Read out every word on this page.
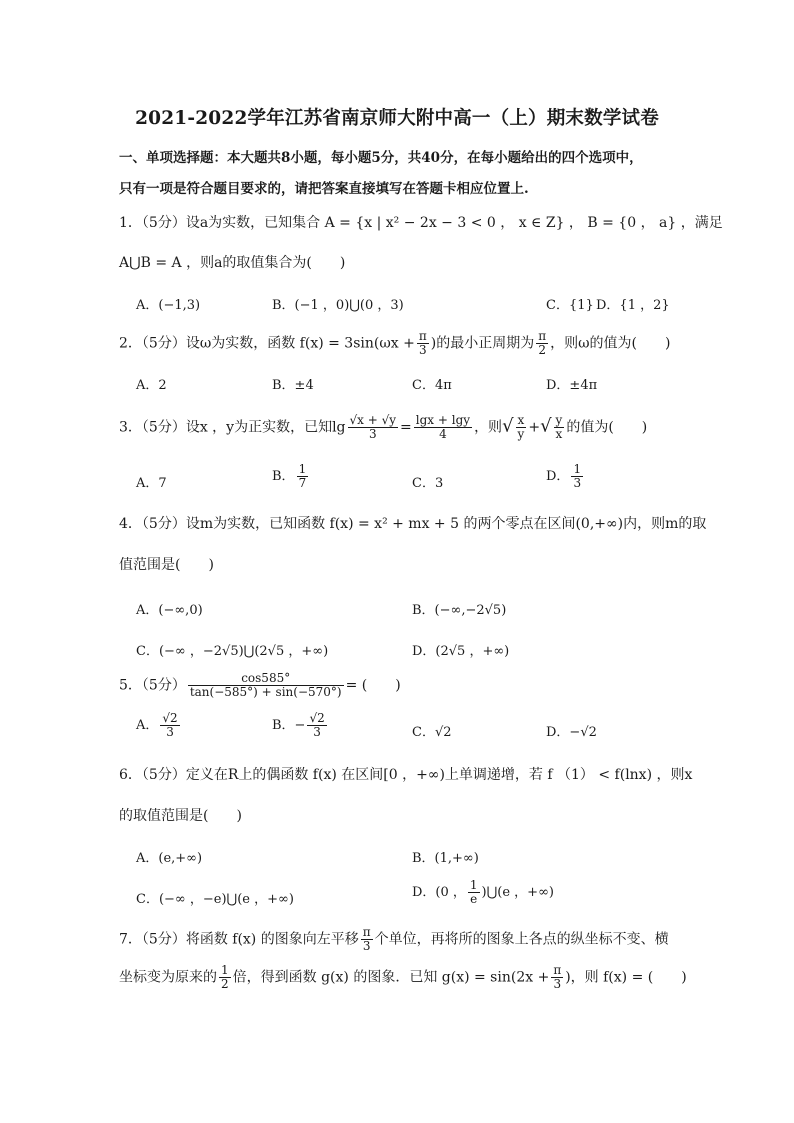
2021-2022学年江苏省南京师大附中高一（上）期末数学试卷
一、单项选择题：本大题共8小题，每小题5分，共40分，在每小题给出的四个选项中，
只有一项是符合题目要求的，请把答案直接填写在答题卡相应位置上.
1．（5分）设a为实数，已知集合 A = {x | x² − 2x − 3 < 0 ， x ∈ Z} ， B = {0 ， a} ，满足
A⋃B = A ，则a的取值集合为(　　)
A．(−1,3)	B．(−1 ，0)⋃(0 ，3)	C．{1} D．{1 ，2}
2．（5分）设ω为实数，函数 $f(x) = 3\sin(\omega x + \frac{\pi}{3}$ )的最小正周期为 $\frac{\pi}{2}$ ，则ω的值为(　　)
A．2	B．±4	C．4π	D．±4π
3．（5分）设x ，y为正实数，已知$\lg \frac{√x + √y}{3} = \frac{\lg x + \lg y}{4}$ ，则√ $\frac{x}{y}$ +√ $\frac{y}{x}$ 的值为(　　)
A．7	B． $\frac{1}{7}$	C．3	D． $\frac{1}{3}$
4．（5分）设m为实数，已知函数 f(x) = x² + mx + 5 的两个零点在区间(0,+∞)内，则m的取
值范围是(　　)
A．(−∞,0)	B．(−∞,−2√5)
C．(−∞ ，−2√5)⋃(2√5 ，+∞)	D．(2√5 ，+∞)
5．（5分） $\frac{\cos 585^\circ}{\tan(-585^\circ) + \sin(-570^\circ)}$ = (　　)
A． $\frac{√2}{3}$	B．− $\frac{√2}{3}$	C．√2	D．−√2
6．（5分）定义在R上的偶函数 f(x) 在区间[0 ，+∞)上单调递增，若 f （1） < f(lnx) ，则x
的取值范围是(　　)
A．(e,+∞)	B．(1,+∞)
C．(−∞ ，−e)⋃(e ，+∞)	D．(0 ， $\frac{1}{e}$ )⋃(e ，+∞)
7．（5分）将函数 f(x) 的图象向左平移 $\frac{\pi}{3}$ 个单位，再将所的图象上各点的纵坐标不变、横
坐标变为原来的 $\frac{1}{2}$ 倍，得到函数 g(x) 的图象．已知 $g(x) = \sin(2x + \frac{\pi}{3}$ )，则 f(x) = (　　)
